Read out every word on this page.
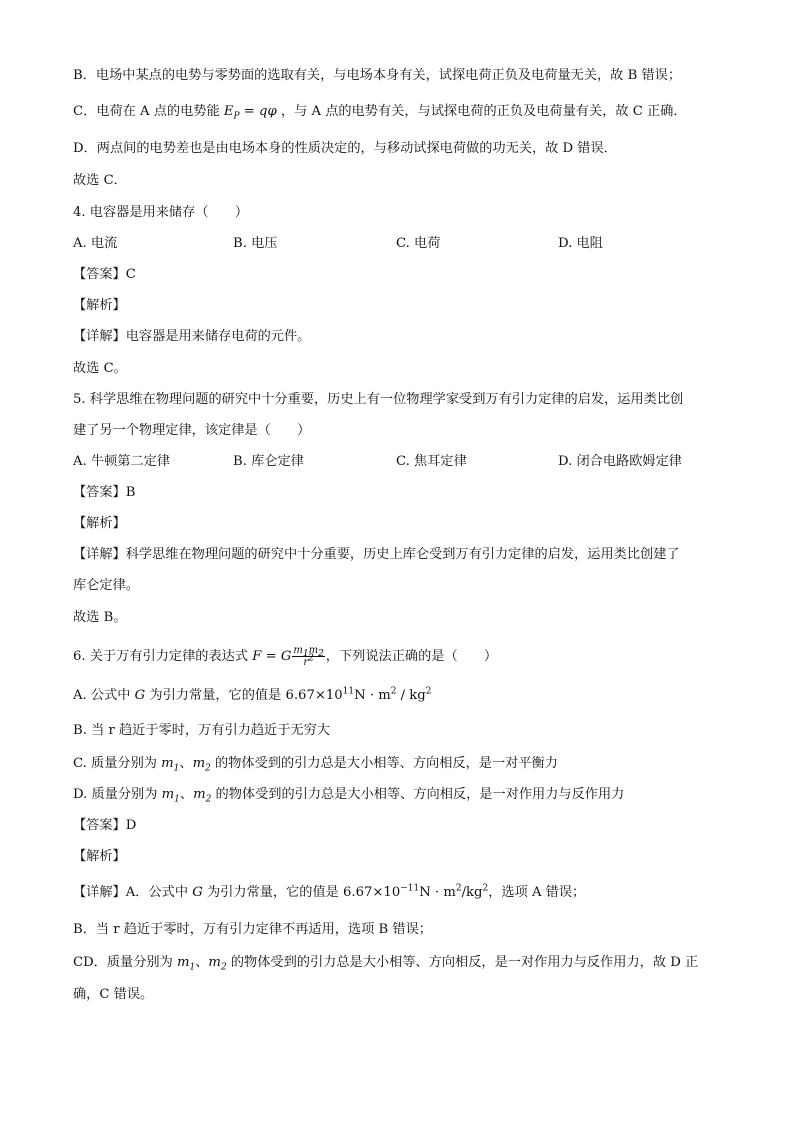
B．电场中某点的电势与零势面的选取有关，与电场本身有关，试探电荷正负及电荷量无关，故 B 错误；
C．电荷在 A 点的电势能 $E_P = q\varphi$ ，与 A 点的电势有关，与试探电荷的正负及电荷量有关，故 C 正确．
D．两点间的电势差也是由电场本身的性质决定的，与移动试探电荷做的功无关，故 D 错误．
故选 C．
4. 电容器是用来储存（　　）
A. 电流	B. 电压	C. 电荷	D. 电阻
【答案】C
【解析】
【详解】电容器是用来储存电荷的元件。
故选 C。
5. 科学思维在物理问题的研究中十分重要，历史上有一位物理学家受到万有引力定律的启发，运用类比创
建了另一个物理定律，该定律是（　　）
A. 牛顿第二定律	B. 库仑定律	C. 焦耳定律	D. 闭合电路欧姆定律
【答案】B
【解析】
【详解】科学思维在物理问题的研究中十分重要，历史上库仑受到万有引力定律的启发，运用类比创建了
库仑定律。
故选 B。
6. 关于万有引力定律的表达式 F = G $\frac{m_1m_2}{r^2}$ ，下列说法正确的是（　　）
A. 公式中 G 为引力常量，它的值是 $6.67\times 10^{11}N \cdot m^2 / kg^2$
B. 当 r 趋近于零时，万有引力趋近于无穷大
C. 质量分别为 $m_1$、$m_2$ 的物体受到的引力总是大小相等、方向相反，是一对平衡力
D. 质量分别为 $m_1$、$m_2$ 的物体受到的引力总是大小相等、方向相反，是一对作用力与反作用力
【答案】D
【解析】
【详解】A．公式中 G 为引力常量，它的值是 $6.67\times 10^{-11}N \cdot m^2/kg^2$，选项 A 错误；
B．当 r 趋近于零时，万有引力定律不再适用，选项 B 错误；
CD．质量分别为 $m_1$、$m_2$ 的物体受到的引力总是大小相等、方向相反，是一对作用力与反作用力，故 D 正
确，C 错误。
